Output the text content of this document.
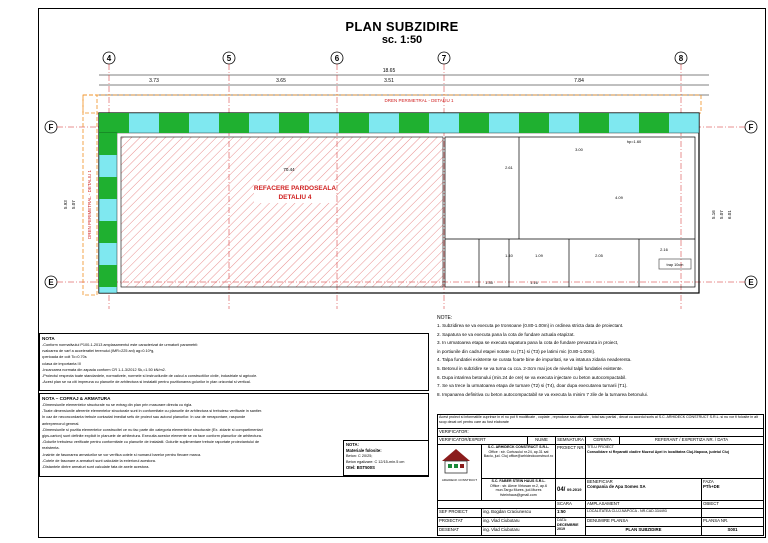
PLAN SUBZIDIRE
sc. 1:50
18.65
3.73	3.65	3.51	7.84
4	5	6	7	8
F
E
F
E
DREN PERIMETRAL - DETALIU 1
DREN PERIMETRAL - DETALIU 1	REFACERE PARDOSEALA
DETALIU 4
70.44
trap 10cm
hp=1.60
2.61
3.00
4.09
1.40	1.09	2.05
2.16
1.35	1.16
5.93 5.07
5.16 5.07 6.01
NOTE:
1. Subzidirea se va executa pe tronsoane (0.80-1.00m) in ordinea stricta data de proiectant.
2. Sapatura se va executa pana la cota de fundare actuala etapizat.
3. In urmatoarea etapa se executa sapatura pana la cota de fundare prevazuta in proiect,
in portiunile din cadrul etapei notate cu (T1) si (T3) pe latimi mic (0.80-1.00m).
4. Talpa fundatiei existente se curata foarte bine de impuritati, se va intatura zidaria neaderenta.
5. Betonul in subzidire se va turna cu cca. 2-3cm mai jos de nivelul talpii fundatiei existente.
6. Dupa intarirea betonului (min.24 de ore) se va executa injectare cu beton autocompactabil.
7. Se va trece la urmatoarea etapa de turnare (T2) si (T4), doar dupa executarea turnarii (T1).
8. Impanarea definitiva cu beton autocompactabil se va executa la minim 7 zile de la turnarea betonului.
NOTA
-Conform normativului P100-1-2013 amplasamentul este caracterizat de urmatorii parametrii:
•valoarea de varf a acceleratiei terenului (IMR=225 ani) ag=0.10*g,
•perioada de colt Tc=0.70s
•clasa de importanta III
-Incarcarea normata din zapada conform CR 1-1-3/2012 Sk,=1.50 kN/m2.
-Proiectul respecta toate standardele, normativele, normele si instructiunile de calcul a constructiilor civile, industriale si agricole.
-Acest plan se va citi impreuna cu planurile de arhitectura si instalatii pentru pozitionarea golurilor in plan orizontal si vertical.
NOTA – COFRAJ & ARMATURA
-Dimensiunile elementelor structurale nu se extrag din plan prin masurare directa cu rigla.
-Toate dimensiunile aferente elementelor structurale sunt in conformitate cu planurile de arhitectura si trebuiesc verificate in santier.
In caz de neconcordanta trebuie contactat imediat sefu de proiect sau autorul planurilor. In caz de nerapontare, raspunde
antreprenorul general.
-Dimensiunile si pozitia elementelor construcitei ce nu fac parte din categoria elementelor structurale (Ex. zidarie si compartimentari
gips-carton) sunt definite explicit in planuele de arhitectura. Executia acestor elemente se va face conform planurilor de arhitectura.
-Golurile trebuiesc verificate pentru conformitate cu planurile de instalatii. Golurile suplimentare trebuie raportate proiectantului de
rezistenta.
-Inainte de fasonarea armaturilor se vor verifica cotele si numarul barelor pentru fiecare marca.
-Cotele de fasonare a armaturii sunt calculate la exteriorul acestora.
-Distantele dintre armaturi sunt calculate fata de axele acestora.
NOTA:
Materiale folosite:
Beton: C 20/25;
Beton egalizare: C 12/15-min.5 cm
Otel: BST500S
Acest proiect si informatiile cuprinse in el nu pot fi modificate , copiate , reproduse sau utilizate , total sau partial , decat cu acordul scris al S.C. ARHIDECK CONSTRUCT S.R.L. si nu vor fi folosite in alt scop decat cel pentru care au fost elaborate						
VERIFICATOR:						
VERIFICATOR/EXPERT		NUME	SEMNATURA	CERINTA	REFERANT / EXPERTIZA NR. / DATA	

ARHIDECK CONSTRUCT	S.C. ARHIDECK CONSTRUCT S.R.L.
Office : str. Cortusului nr.24, ap.31 sat Baciu, jud. Cluj office@arhideckconstruct.ro		PROIECT NR.	TITLU PROIECT
Consolidare si Reparatii cladire Muzeul Apei in localitatea Cluj-Napoca, judetul Cluj		
	S.C. FABER STEIN HAUS S.R.L.
Office : str. Alexe Virtosan nr.2, ap.6 mun.Targu Mures, jud.Mures fsteinhaus@gmail.com		04/ 09.2019	BENEFICIAR
Compania de Apa Somes SA		FAZA
PTh+DE
			SCARA	AMPLASAMENT		OBIECT
SEF PROIECT	ing. Bogdan Craciunescu		1:50	LOCALITATEA CLUJ-NAPOCA - NR.CAD.334493		
PROIECTAT	ing. Vlad Ciubotaru		DATA:
DECEMBRIE
2019	DENUMIRE PLANSA		PLANSA NR.
DESENAT	ing. Vlad Ciubotaru			PLAN SUBZIDIRE		S001
